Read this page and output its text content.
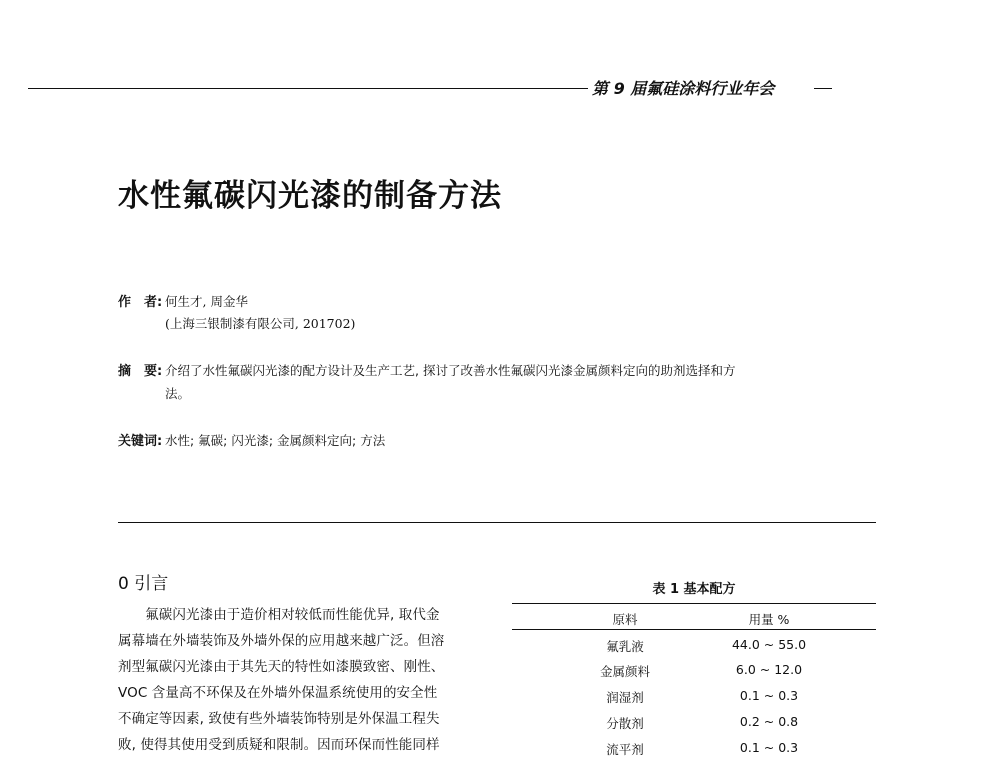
第 9 届氟硅涂料行业年会
水性氟碳闪光漆的制备方法
作　者: 何生才, 周金华
(上海三银制漆有限公司, 201702)
摘　要: 介绍了水性氟碳闪光漆的配方设计及生产工艺, 探讨了改善水性氟碳闪光漆金属颜料定向的助剂选择和方
法。
关键词: 水性; 氟碳; 闪光漆; 金属颜料定向; 方法
0 引言
　　氟碳闪光漆由于造价相对较低而性能优异, 取代金
属幕墙在外墙装饰及外墙外保的应用越来越广泛。但溶
剂型氟碳闪光漆由于其先天的特性如漆膜致密、刚性、
VOC 含量高不环保及在外墙外保温系统使用的安全性
不确定等因素, 致使有些外墙装饰特别是外保温工程失
败, 使得其使用受到质疑和限制。因而环保而性能同样
表 1 基本配方
原料	用量 %
氟乳液	44.0 ~ 55.0
金属颜料	6.0 ~ 12.0
润湿剂	0.1 ~ 0.3
分散剂	0.2 ~ 0.8
流平剂	0.1 ~ 0.3
